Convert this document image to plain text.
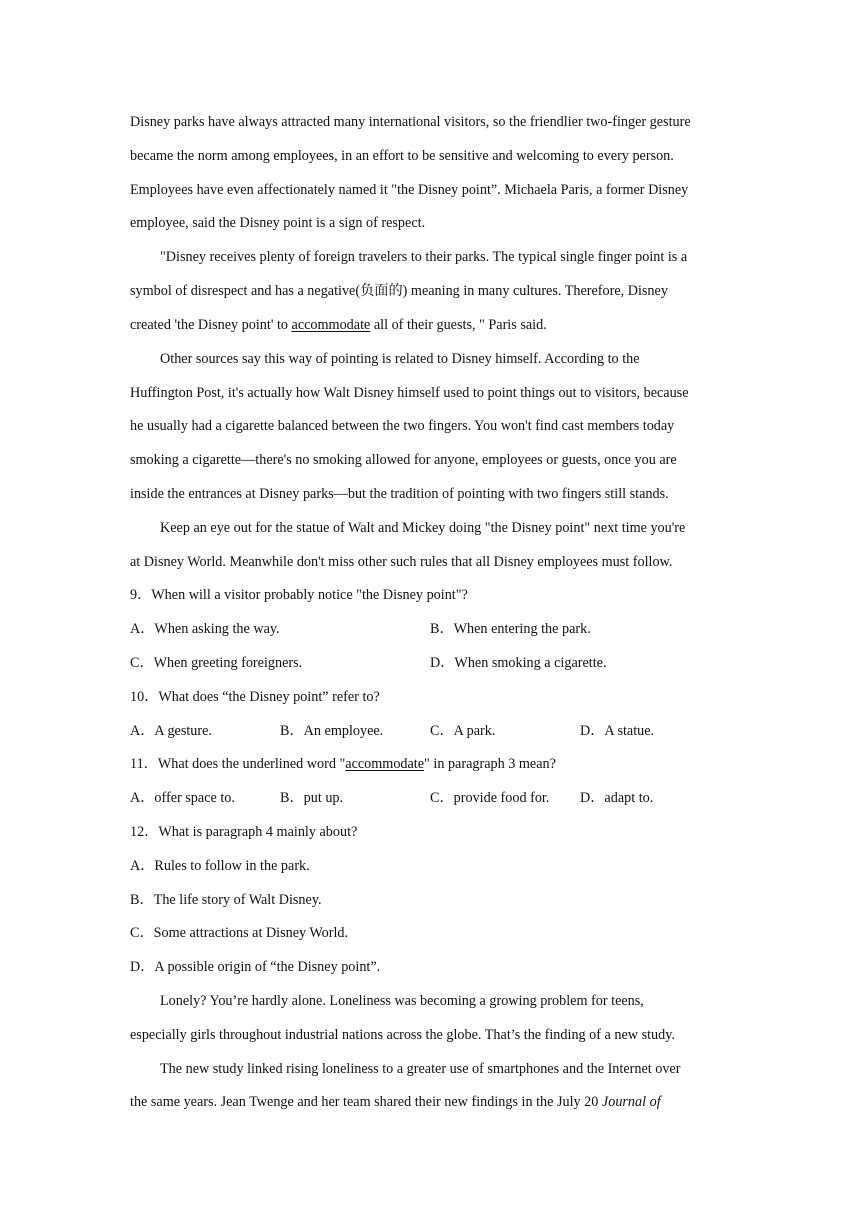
Disney parks have always attracted many international visitors, so the friendlier two-finger gesture
became the norm among employees, in an effort to be sensitive and welcoming to every person.
Employees have even affectionately named it "the Disney point”. Michaela Paris, a former Disney
employee, said the Disney point is a sign of respect.
"Disney receives plenty of foreign travelers to their parks. The typical single finger point is a
symbol of disrespect and has a negative(负面的) meaning in many cultures. Therefore, Disney
created 'the Disney point' to accommodate all of their guests, " Paris said.
Other sources say this way of pointing is related to Disney himself. According to the
Huffington Post, it's actually how Walt Disney himself used to point things out to visitors, because
he usually had a cigarette balanced between the two fingers. You won't find cast members today
smoking a cigarette—there's no smoking allowed for anyone, employees or guests, once you are
inside the entrances at Disney parks—but the tradition of pointing with two fingers still stands.
Keep an eye out for the statue of Walt and Mickey doing "the Disney point" next time you're
at Disney World. Meanwhile don't miss other such rules that all Disney employees must follow.
9．When will a visitor probably notice "the Disney point"?
A．When asking the way.	B．When entering the park.
C．When greeting foreigners.	D．When smoking a cigarette.
10．What does “the Disney point” refer to?
A．A gesture.	B．An employee.	C．A park.	D．A statue.
11．What does the underlined word "accommodate" in paragraph 3 mean?
A．offer space to.	B．put up.	C．provide food for. D．adapt to.
12．What is paragraph 4 mainly about?
A．Rules to follow in the park.
B．The life story of Walt Disney.
C．Some attractions at Disney World.
D．A possible origin of “the Disney point”.
Lonely? You’re hardly alone. Loneliness was becoming a growing problem for teens,
especially girls throughout industrial nations across the globe. That’s the finding of a new study.
The new study linked rising loneliness to a greater use of smartphones and the Internet over
the same years. Jean Twenge and her team shared their new findings in the July 20 Journal of
